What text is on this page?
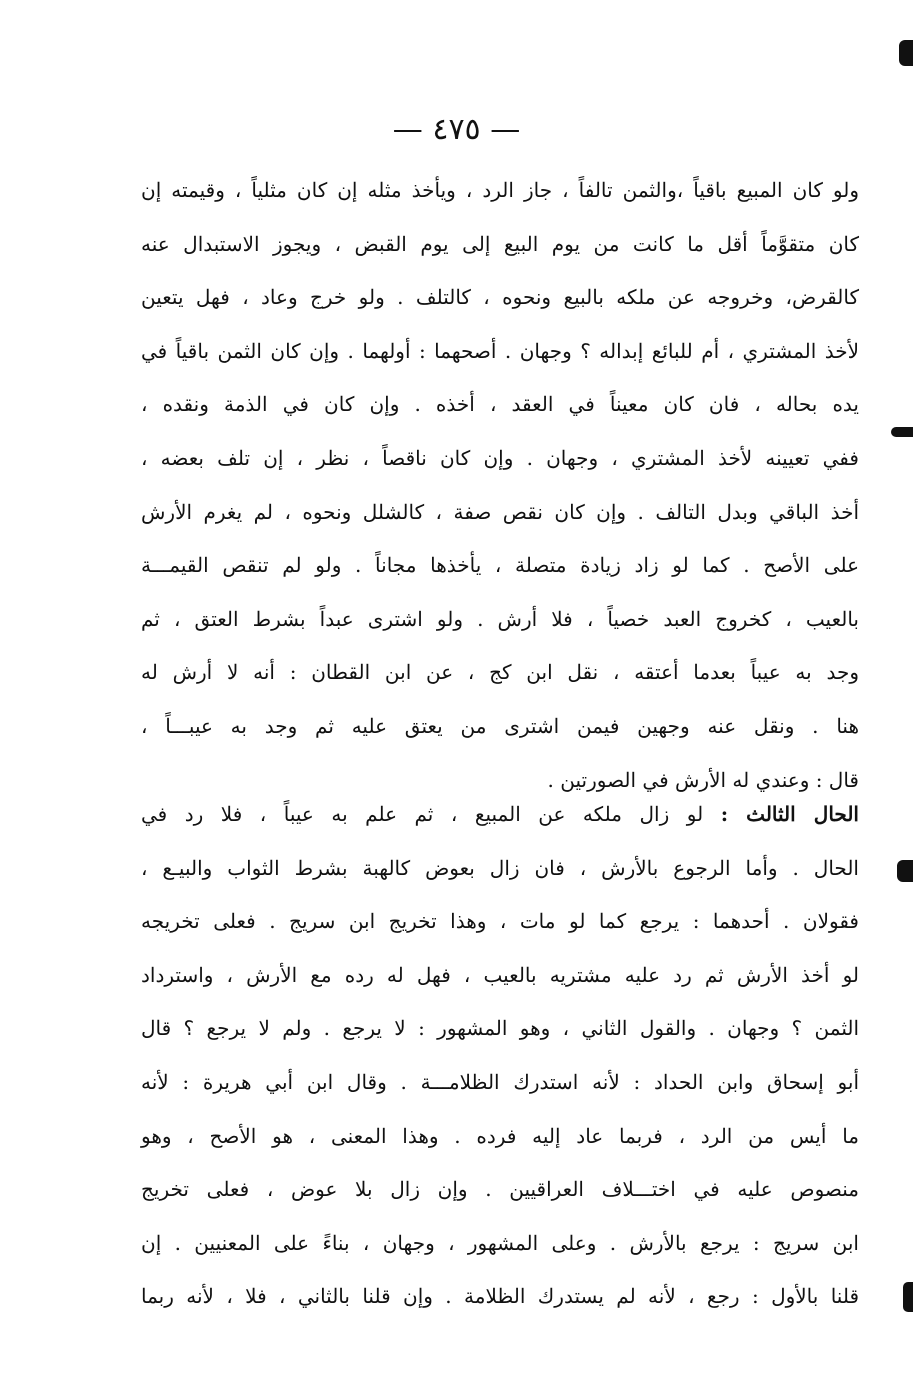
— ٤٧٥ —
ولو كان المبيع باقياً ،والثمن تالفاً ، جاز الرد ، ويأخذ مثله إن كان مثلياً ، وقيمته إن
كان متقوَّماً أقل ما كانت من يوم البيع إلى يوم القبض ، ويجوز الاستبدال عنه
كالقرض، وخروجه عن ملكه بالبيع ونحوه ، كالتلف . ولو خرج وعاد ، فهل يتعين
لأخذ المشتري ، أم للبائع إبداله ؟ وجهان . أصحهما : أولهما . وإن كان الثمن باقياً في
يده بحاله ، فان كان معيناً في العقد ، أخذه . وإن كان في الذمة ونقده ،
ففي تعيينه لأخذ المشتري ، وجهان . وإن كان ناقصاً ، نظر ، إن تلف بعضه ،
أخذ الباقي وبدل التالف . وإن كان نقص صفة ، كالشلل ونحوه ، لم يغرم الأرش
على الأصح . كما لو زاد زيادة متصلة ، يأخذها مجاناً . ولو لم تنقص القيمـــة
بالعيب ، كخروج العبد خصياً ، فلا أرش . ولو اشترى عبداً بشرط العتق ، ثم
وجد به عيباً بعدما أعتقه ، نقل ابن كج ، عن ابن القطان : أنه لا أرش له
هنا . ونقل عنه وجهين فيمن اشترى من يعتق عليه ثم وجد به عيبـــاً ،
قال : وعندي له الأرش في الصورتين .
الحال الثالث : لو زال ملكه عن المبيع ، ثم علم به عيباً ، فلا رد في
الحال . وأما الرجوع بالأرش ، فان زال بعوض كالهبة بشرط الثواب والبيـع ،
فقولان . أحدهما : يرجع كما لو مات ، وهذا تخريج ابن سريج . فعلى تخريجه
لو أخذ الأرش ثم رد عليه مشتريه بالعيب ، فهل له رده مع الأرش ، واسترداد
الثمن ؟ وجهان . والقول الثاني ، وهو المشهور : لا يرجع . ولم لا يرجع ؟ قال
أبو إسحاق وابن الحداد : لأنه استدرك الظلامـــة . وقال ابن أبي هريرة : لأنه
ما أيس من الرد ، فربما عاد إليه فرده . وهذا المعنى ، هو الأصح ، وهو
منصوص عليه في اختـــلاف العراقيين . وإن زال بلا عوض ، فعلى تخريج
ابن سريج : يرجع بالأرش . وعلى المشهور ، وجهان ، بناءً على المعنيين . إن
قلنا بالأول : رجع ، لأنه لم يستدرك الظلامة . وإن قلنا بالثاني ، فلا ، لأنه ربما
